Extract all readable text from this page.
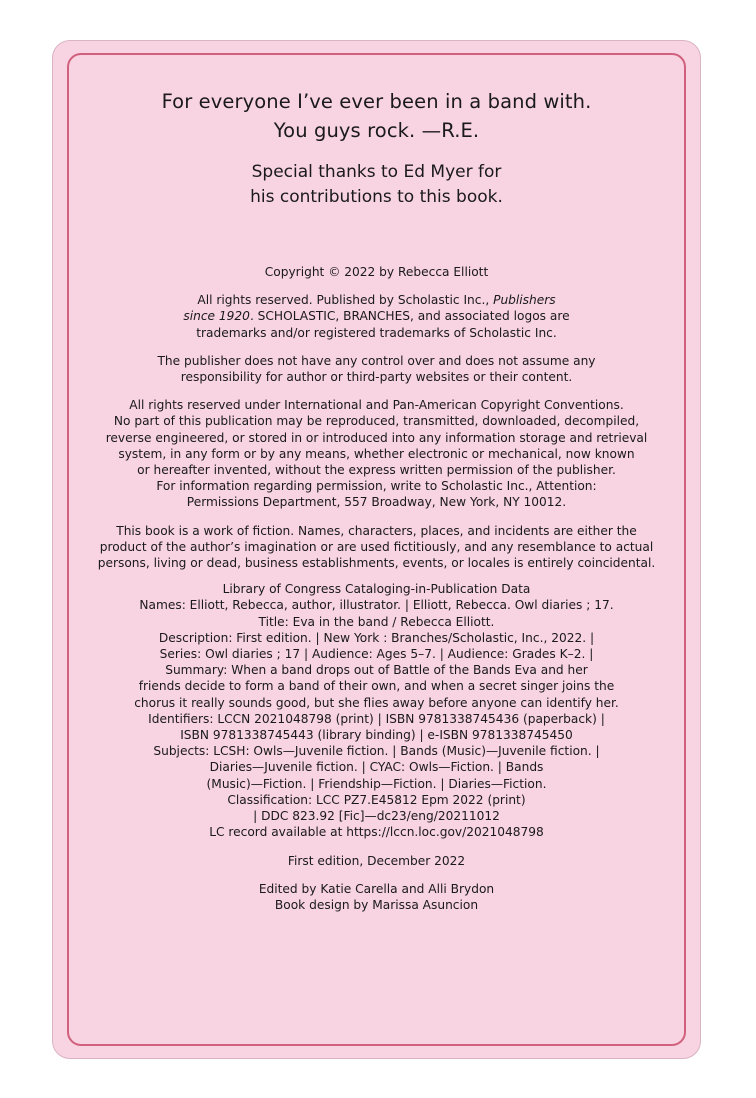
For everyone I’ve ever been in a band with.
You guys rock. —R.E.

Special thanks to Ed Myer for
his contributions to this book.

Copyright © 2022 by Rebecca Elliott

All rights reserved. Published by Scholastic Inc., Publishers
since 1920. SCHOLASTIC, BRANCHES, and associated logos are
trademarks and/or registered trademarks of Scholastic Inc.

The publisher does not have any control over and does not assume any
responsibility for author or third-party websites or their content.

All rights reserved under International and Pan-American Copyright Conventions.
No part of this publication may be reproduced, transmitted, downloaded, decompiled,
reverse engineered, or stored in or introduced into any information storage and retrieval
system, in any form or by any means, whether electronic or mechanical, now known
or hereafter invented, without the express written permission of the publisher.
For information regarding permission, write to Scholastic Inc., Attention:
Permissions Department, 557 Broadway, New York, NY 10012.

This book is a work of fiction. Names, characters, places, and incidents are either the
product of the author’s imagination or are used fictitiously, and any resemblance to actual
persons, living or dead, business establishments, events, or locales is entirely coincidental.

Library of Congress Cataloging-in-Publication Data
Names: Elliott, Rebecca, author, illustrator. | Elliott, Rebecca. Owl diaries ; 17.
Title: Eva in the band / Rebecca Elliott.
Description: First edition. | New York : Branches/Scholastic, Inc., 2022. |
Series: Owl diaries ; 17 | Audience: Ages 5–7. | Audience: Grades K–2. |
Summary: When a band drops out of Battle of the Bands Eva and her
friends decide to form a band of their own, and when a secret singer joins the
chorus it really sounds good, but she flies away before anyone can identify her.
Identifiers: LCCN 2021048798 (print) | ISBN 9781338745436 (paperback) |
ISBN 9781338745443 (library binding) | e-ISBN 9781338745450
Subjects: LCSH: Owls—Juvenile fiction. | Bands (Music)—Juvenile fiction. |
Diaries—Juvenile fiction. | CYAC: Owls—Fiction. | Bands
(Music)—Fiction. | Friendship—Fiction. | Diaries—Fiction.
Classification: LCC PZ7.E45812 Epm 2022 (print)
| DDC 823.92 [Fic]—dc23/eng/20211012
LC record available at https://lccn.loc.gov/2021048798

First edition, December 2022

Edited by Katie Carella and Alli Brydon
Book design by Marissa Asuncion
